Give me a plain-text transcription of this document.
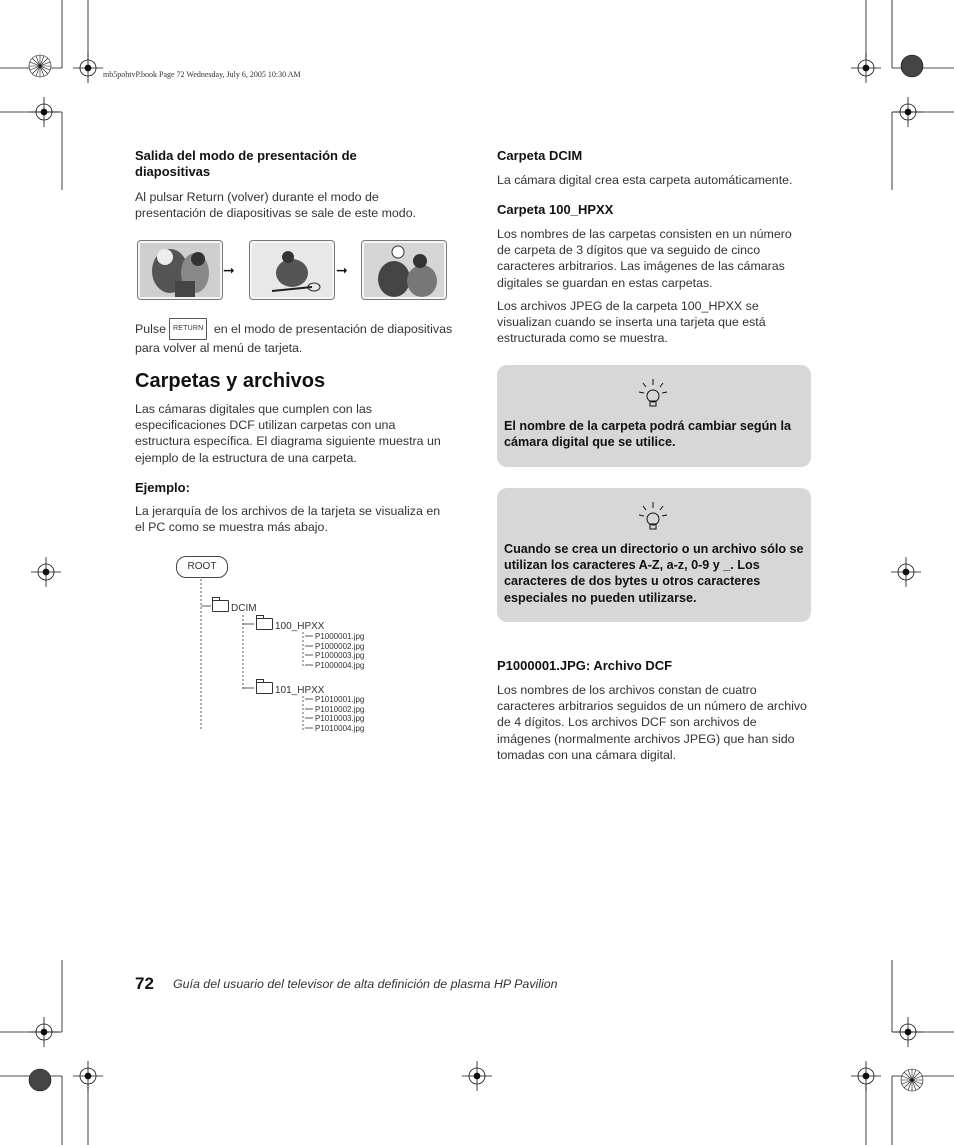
mb5pohtvP.book Page 72 Wednesday, July 6, 2005 10:30 AM
Salida del modo de presentación de diapositivas
Al pulsar Return (volver) durante el modo de presentación de diapositivas se sale de este modo.
➞	➞
Pulse RETURN en el modo de presentación de diapositivas para volver al menú de tarjeta.
Carpetas y archivos
Las cámaras digitales que cumplen con las especificaciones DCF utilizan carpetas con una estructura específica. El diagrama siguiente muestra un ejemplo de la estructura de una carpeta.
Ejemplo:
La jerarquía de los archivos de la tarjeta se visualiza en el PC como se muestra más abajo.
ROOT
DCIM
100_HPXX
P1000001.jpg
P1000002.jpg
P1000003.jpg
P1000004.jpg
101_HPXX
P1010001.jpg
P1010002.jpg
P1010003.jpg
P1010004.jpg
Carpeta DCIM
La cámara digital crea esta carpeta automáticamente.
Carpeta 100_HPXX
Los nombres de las carpetas consisten en un número de carpeta de 3 dígitos que va seguido de cinco caracteres arbitrarios. Las imágenes de las cámaras digitales se guardan en estas carpetas.
Los archivos JPEG de la carpeta 100_HPXX se visualizan cuando se inserta una tarjeta que está estructurada como se muestra.
El nombre de la carpeta podrá cambiar según la cámara digital que se utilice.
Cuando se crea un directorio o un archivo sólo se utilizan los caracteres A-Z, a-z, 0-9 y _. Los caracteres de dos bytes u otros caracteres especiales no pueden utilizarse.
P1000001.JPG: Archivo DCF
Los nombres de los archivos constan de cuatro caracteres arbitrarios seguidos de un número de archivo de 4 dígitos. Los archivos DCF son archivos de imágenes (normalmente archivos JPEG) que han sido tomadas con una cámara digital.
72 Guía del usuario del televisor de alta definición de plasma HP Pavilion
